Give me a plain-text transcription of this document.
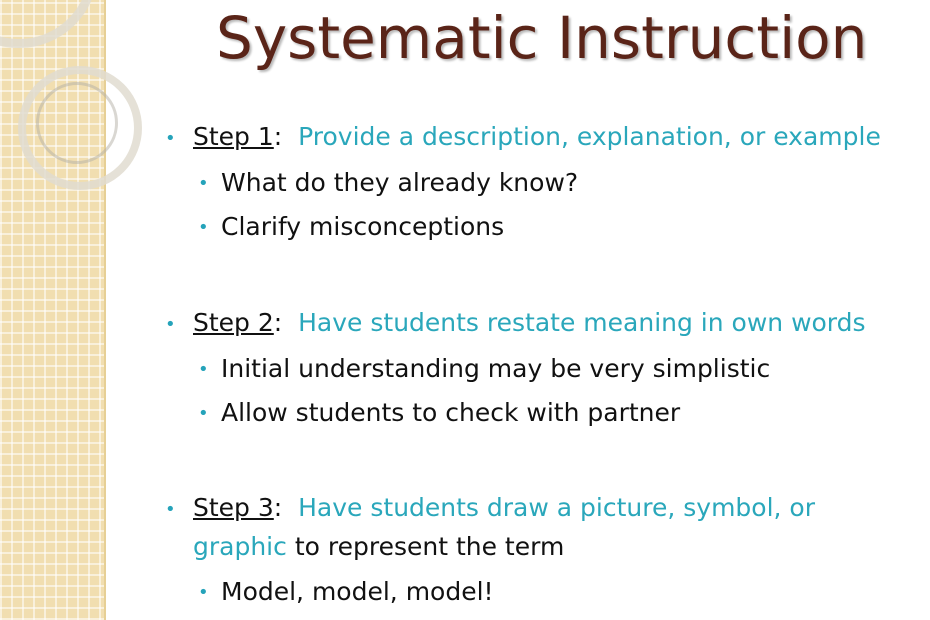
Systematic Instruction
• Step 1: Provide a description, explanation, or example
• What do they already know?
• Clarify misconceptions
• Step 2: Have students restate meaning in own words
• Initial understanding may be very simplistic
• Allow students to check with partner
• Step 3: Have students draw a picture, symbol, or
graphic to represent the term
• Model, model, model!
